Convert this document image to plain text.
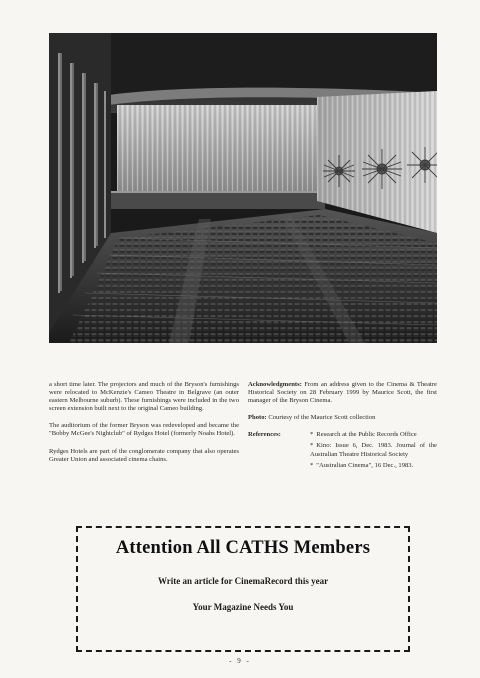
a short time later. The projectors and much of the Bryson's furnishings were relocated to McKenzie's Cameo Theatre in Belgrave (an outer eastern Melbourne suburb). These furnishings were included in the two screen extension built next to the original Cameo building.

The auditorium of the former Bryson was redeveloped and became the "Bobby McGee's Nightclub" of Rydges Hotel (formerly Noahs Hotel).

Rydges Hotels are part of the conglomerate company that also operates Greater Union and associated cinema chains.

Acknowledgments: From an address given to the Cinema & Theatre Historical Society on 28 February 1999 by Maurice Scott, the first manager of the Bryson Cinema.

Photo: Courtesy of the Maurice Scott collection

References:	* Research at the Public Records Office
* Kino: Issue 6, Dec. 1983. Journal of the Australian Theatre Historical Society
* "Australian Cinema", 16 Dec., 1983.
Attention All CATHS Members
Write an article for CinemaRecord this year
Your Magazine Needs You
- 9 -
